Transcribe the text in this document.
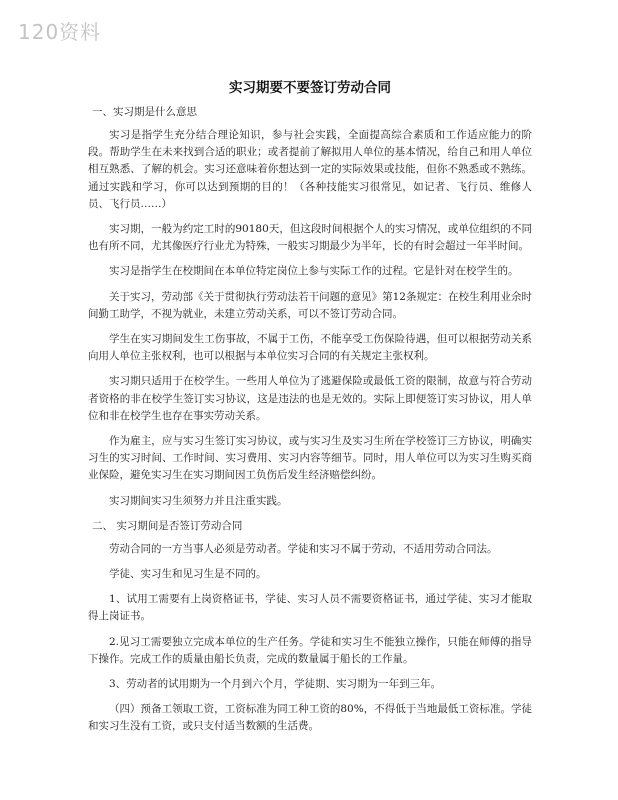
120资料
实习期要不要签订劳动合同
一、实习期是什么意思

实习是指学生充分结合理论知识，参与社会实践，全面提高综合素质和工作适应能力的阶段。帮助学生在未来找到合适的职业；或者提前了解拟用人单位的基本情况，给自己和用人单位相互熟悉、了解的机会。实习还意味着你想达到一定的实际效果或技能，但你不熟悉或不熟练。通过实践和学习，你可以达到预期的目的！（各种技能实习很常见，如记者、飞行员、维修人员、飞行员……）

实习期，一般为约定工时的90180天，但这段时间根据个人的实习情况，或单位组织的不同也有所不同，尤其像医疗行业尤为特殊，一般实习期最少为半年，长的有时会超过一年半时间。

实习是指学生在校期间在本单位特定岗位上参与实际工作的过程。它是针对在校学生的。

关于实习，劳动部《关于贯彻执行劳动法若干问题的意见》第12条规定：在校生利用业余时间勤工助学，不视为就业，未建立劳动关系，可以不签订劳动合同。

学生在实习期间发生工伤事故，不属于工伤，不能享受工伤保险待遇，但可以根据劳动关系向用人单位主张权利，也可以根据与本单位实习合同的有关规定主张权利。

实习期只适用于在校学生。一些用人单位为了逃避保险或最低工资的限制，故意与符合劳动者资格的非在校学生签订实习协议，这是违法的也是无效的。实际上即便签订实习协议，用人单位和非在校学生也存在事实劳动关系。

作为雇主，应与实习生签订实习协议，或与实习生及实习生所在学校签订三方协议，明确实习生的实习时间、工作时间、实习费用、实习内容等细节。同时，用人单位可以为实习生购买商业保险，避免实习生在实习期间因工负伤后发生经济赔偿纠纷。

实习期间实习生须努力并且注重实践。

二、 实习期间是否签订劳动合同

劳动合同的一方当事人必须是劳动者。学徒和实习不属于劳动，不适用劳动合同法。

学徒、实习生和见习生是不同的。

1、试用工需要有上岗资格证书，学徒、实习人员不需要资格证书，通过学徒、实习才能取得上岗证书。

2.见习工需要独立完成本单位的生产任务。学徒和实习生不能独立操作，只能在师傅的指导下操作。完成工作的质量由船长负责，完成的数量属于船长的工作量。

3、劳动者的试用期为一个月到六个月，学徒期、实习期为一年到三年。

（四）预备工领取工资，工资标准为同工种工资的80%，不得低于当地最低工资标准。学徒和实习生没有工资，或只支付适当数额的生活费。
